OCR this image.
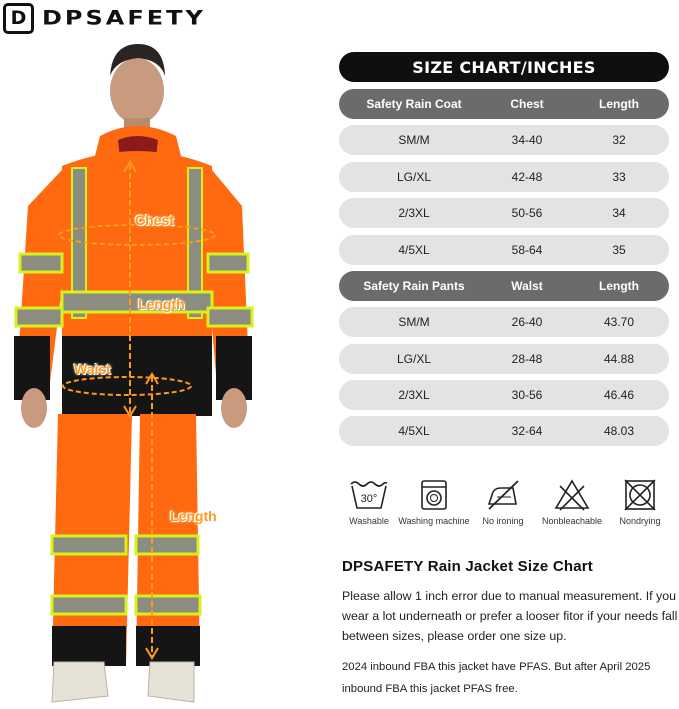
D DPSAFETY
Chest
Length
Waist
Length
SIZE CHART/INCHES
Safety Rain Coat	Chest	Length
SM/M	34-40	32
LG/XL	42-48	33
2/3XL	50-56	34
4/5XL	58-64	35
Safety Rain Pants	Walst	Length
SM/M	26-40	43.70
LG/XL	28-48	44.88
2/3XL	30-56	46.46
4/5XL	32-64	48.03
30°
Washable	Washing machine	No ironing	Nonbleachable	Nondrying
DPSAFETY Rain Jacket Size Chart
Please allow 1 inch error due to manual measurement. If you wear a lot underneath or prefer a looser fitor if your needs fall between sizes, please order one size up.
2024 inbound FBA this jacket have PFAS. But after April 2025 inbound FBA this jacket PFAS free.
